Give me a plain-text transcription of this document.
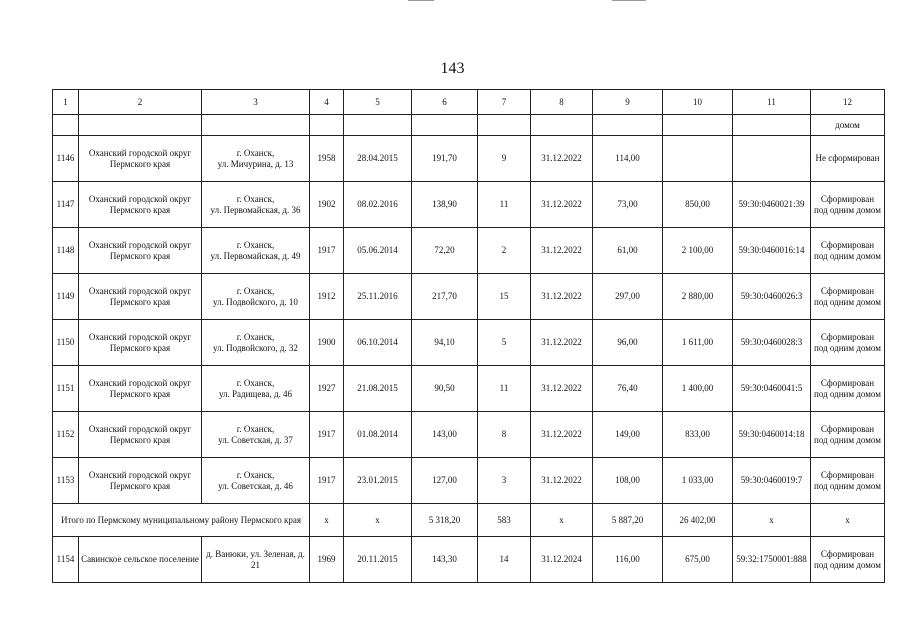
143
1	2	3	4	5	6	7	8	9	10	11	12
											домом
1146	Оханский городской округ Пермского края	г. Оханск,
ул. Мичурина, д. 13	1958	28.04.2015	191,70	9	31.12.2022	114,00			Не сформирован
1147	Оханский городской округ Пермского края	г. Оханск,
ул. Первомайская, д. 36	1902	08.02.2016	138,90	11	31.12.2022	73,00	850,00	59:30:0460021:39	Сформирован под одним домом
1148	Оханский городской округ Пермского края	г. Оханск,
ул. Первомайская, д. 49	1917	05.06.2014	72,20	2	31.12.2022	61,00	2 100,00	59:30:0460016:14	Сформирован под одним домом
1149	Оханский городской округ Пермского края	г. Оханск,
ул. Подвойского, д. 10	1912	25.11.2016	217,70	15	31.12.2022	297,00	2 880,00	59:30:0460026:3	Сформирован под одним домом
1150	Оханский городской округ Пермского края	г. Оханск,
ул. Подвойского, д. 32	1900	06.10.2014	94,10	5	31.12.2022	96,00	1 611,00	59:30:0460028:3	Сформирован под одним домом
1151	Оханский городской округ Пермского края	г. Оханск,
ул. Радищева, д. 46	1927	21.08.2015	90,50	11	31.12.2022	76,40	1 400,00	59:30:0460041:5	Сформирован под одним домом
1152	Оханский городской округ Пермского края	г. Оханск,
ул. Советская, д. 37	1917	01.08.2014	143,00	8	31.12.2022	149,00	833,00	59:30:0460014:18	Сформирован под одним домом
1153	Оханский городской округ Пермского края	г. Оханск,
ул. Советская, д. 46	1917	23.01.2015	127,00	3	31.12.2022	108,00	1 033,00	59:30:0460019:7	Сформирован под одним домом
Итого по Пермскому муниципальному району Пермского края			x	x	5 318,20	583	x	5 887,20	26 402,00	x	x
1154	Савинское сельское поселение	д. Ванюки, ул. Зеленая, д. 21	1969	20.11.2015	143,30	14	31.12.2024	116,00	675,00	59:32:1750001:888	Сформирован под одним домом
